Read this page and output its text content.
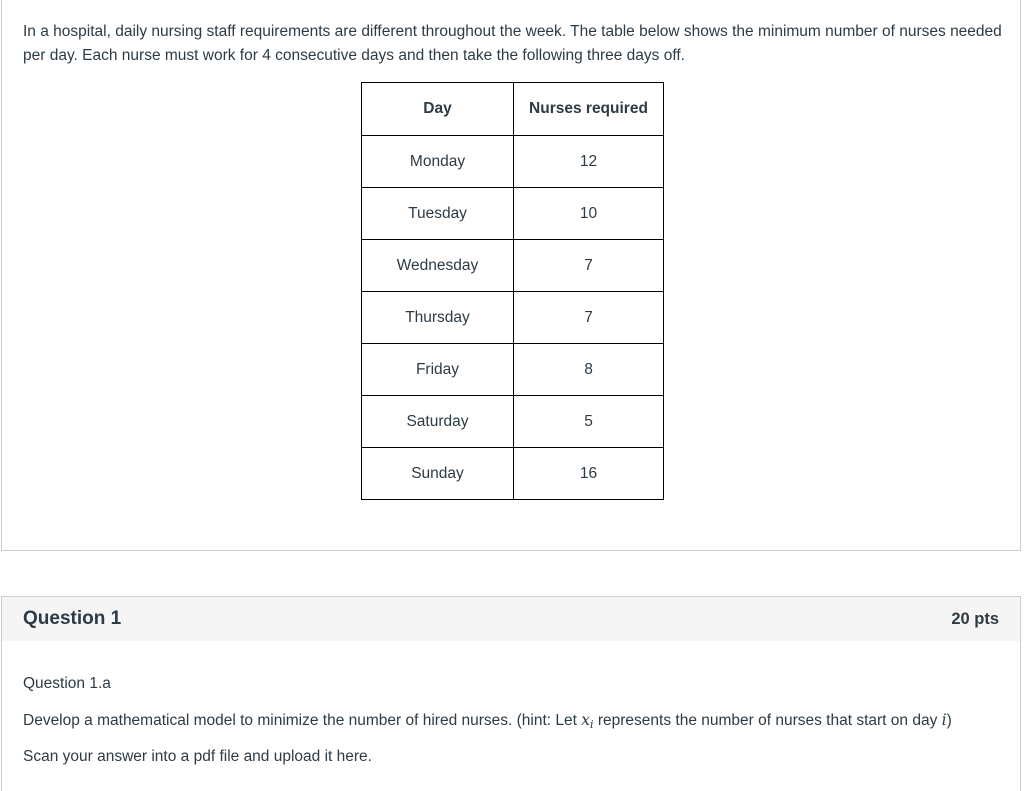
In a hospital, daily nursing staff requirements are different throughout the week. The table below shows the minimum number of nurses needed per day. Each nurse must work for 4 consecutive days and then take the following three days off.

Day	Nurses required
Monday	12
Tuesday	10
Wednesday	7
Thursday	7
Friday	8
Saturday	5
Sunday	16
Question 1	20 pts

Question 1.a

Develop a mathematical model to minimize the number of hired nurses. (hint: Let xi represents the number of nurses that start on day i)

Scan your answer into a pdf file and upload it here.
